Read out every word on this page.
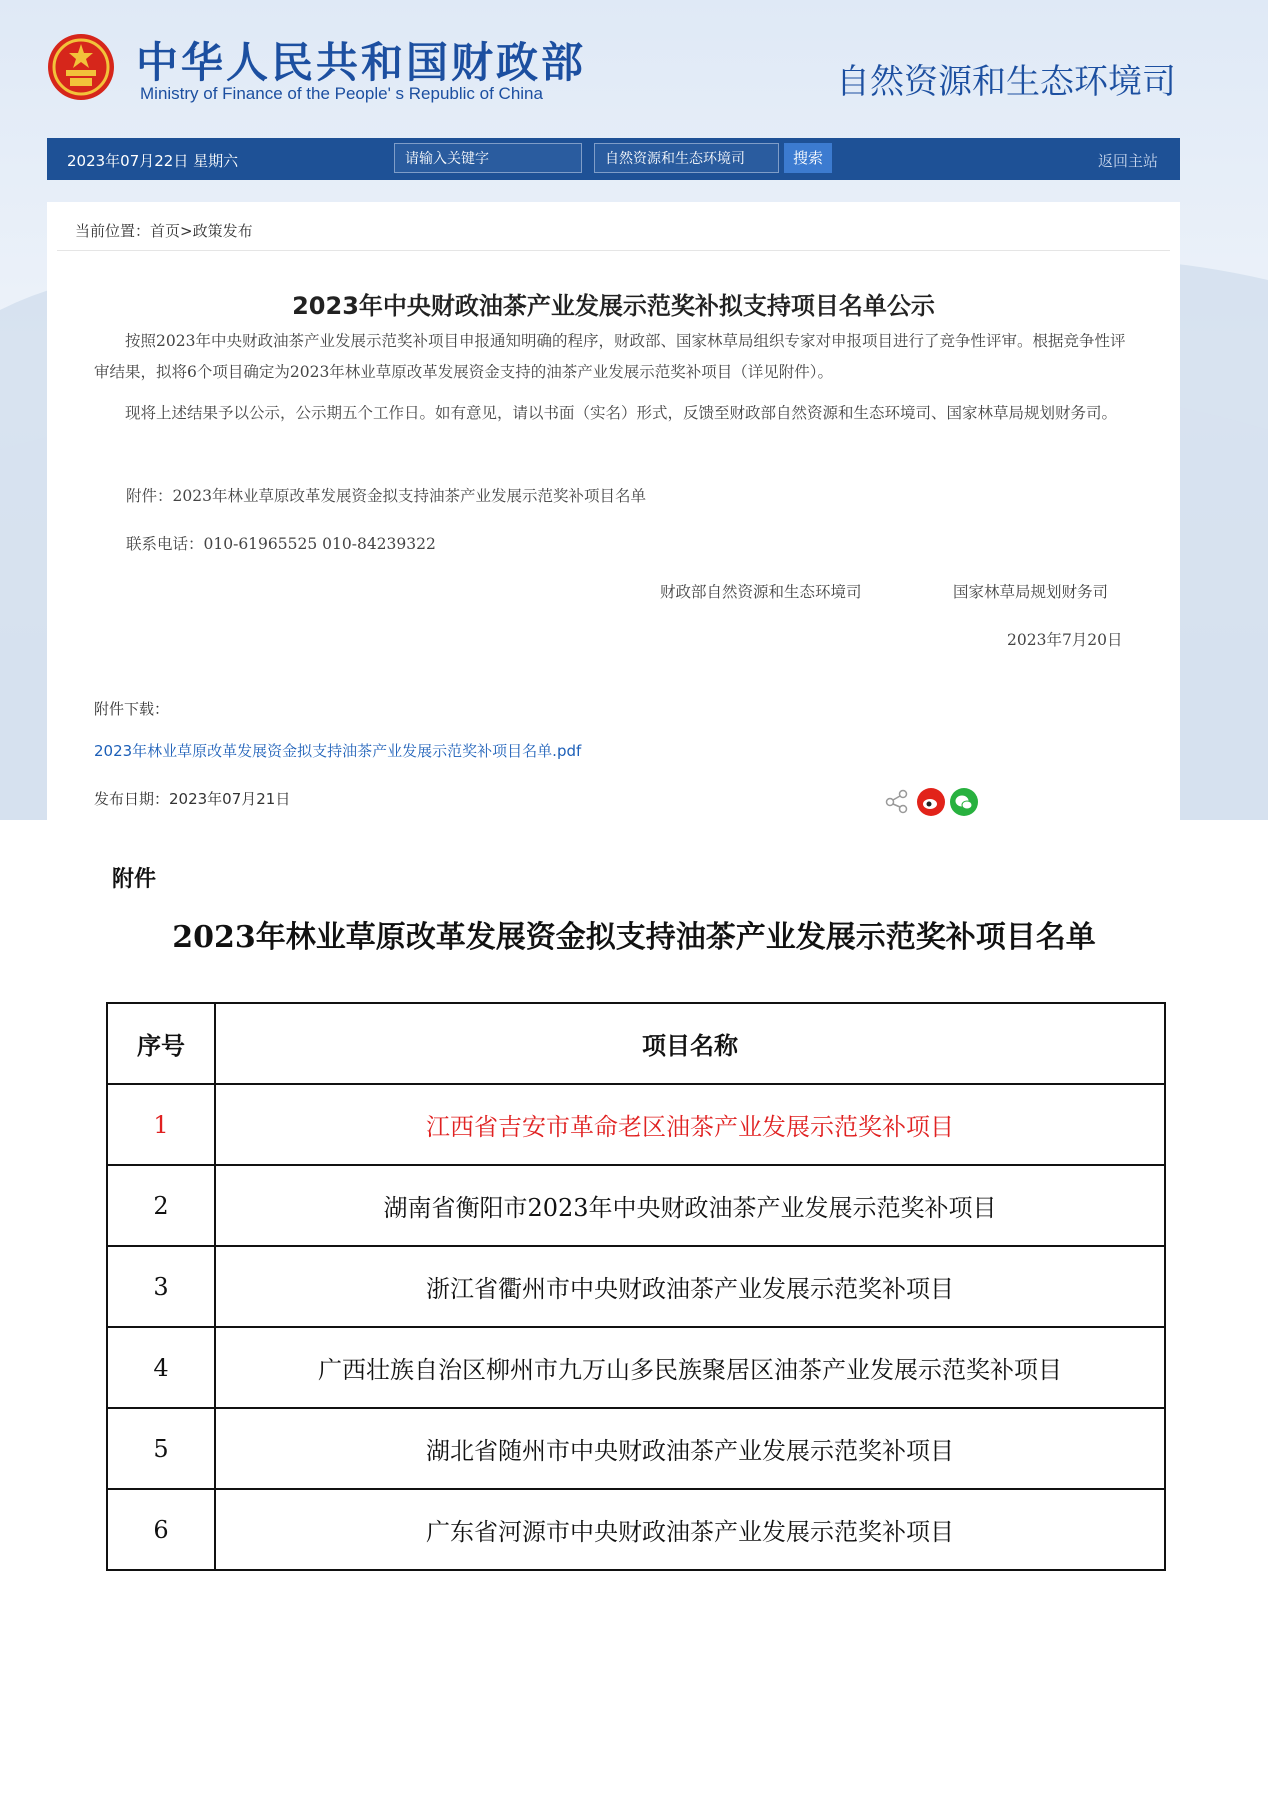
中华人民共和国财政部
Ministry of Finance of the People' s Republic of China	自然资源和生态环境司
2023年07月22日 星期六	请输入关键字	自然资源和生态环境司	搜索	返回主站
当前位置：首页>政策发布
2023年中央财政油茶产业发展示范奖补拟支持项目名单公示
按照2023年中央财政油茶产业发展示范奖补项目申报通知明确的程序，财政部、国家林草局组织专家对申报项目进行了竞争性评审。根据竞争性评审结果，拟将6个项目确定为2023年林业草原改革发展资金支持的油茶产业发展示范奖补项目（详见附件）。
现将上述结果予以公示，公示期五个工作日。如有意见，请以书面（实名）形式，反馈至财政部自然资源和生态环境司、国家林草局规划财务司。
附件：2023年林业草原改革发展资金拟支持油茶产业发展示范奖补项目名单
联系电话：010-61965525 010-84239322
财政部自然资源和生态环境司	国家林草局规划财务司
2023年7月20日
附件下载：
2023年林业草原改革发展资金拟支持油茶产业发展示范奖补项目名单.pdf
发布日期：2023年07月21日
附件
2023年林业草原改革发展资金拟支持油茶产业发展示范奖补项目名单
序号	项目名称
1	江西省吉安市革命老区油茶产业发展示范奖补项目
2	湖南省衡阳市2023年中央财政油茶产业发展示范奖补项目
3	浙江省衢州市中央财政油茶产业发展示范奖补项目
4	广西壮族自治区柳州市九万山多民族聚居区油茶产业发展示范奖补项目
5	湖北省随州市中央财政油茶产业发展示范奖补项目
6	广东省河源市中央财政油茶产业发展示范奖补项目
